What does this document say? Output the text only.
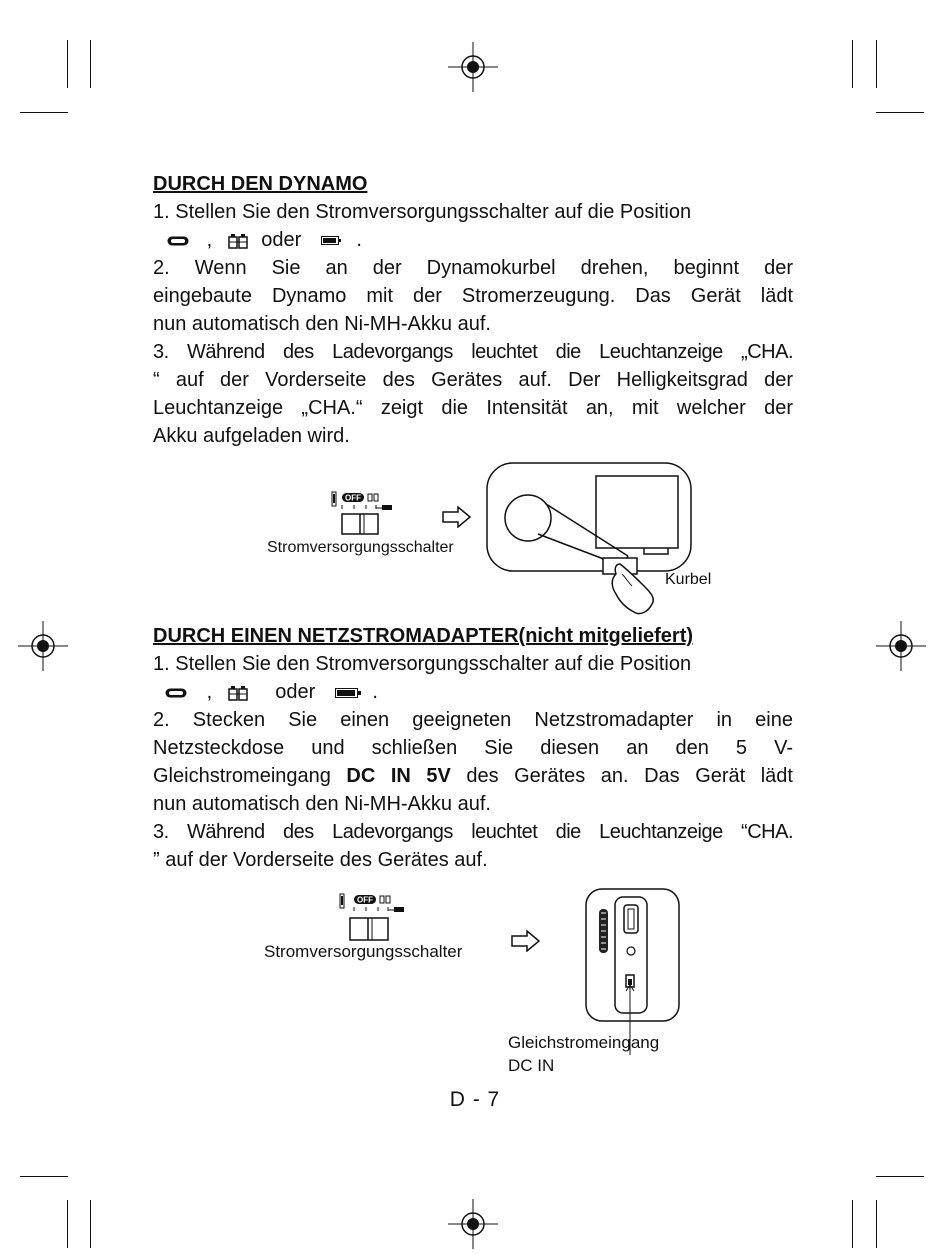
DURCH DEN DYNAMO
1. Stellen Sie den Stromversorgungsschalter auf die Position
, oder	.
2. Wenn Sie an der Dynamokurbel drehen, beginnt der
eingebaute Dynamo mit der Stromerzeugung. Das Gerät lädt
nun automatisch den Ni-MH-Akku auf.
3. Während des Ladevorgangs leuchtet die Leuchtanzeige „CHA.
“ auf der Vorderseite des Gerätes auf. Der Helligkeitsgrad der
Leuchtanzeige „CHA.“ zeigt die Intensität an, mit welcher der
Akku aufgeladen wird.
OFF
Stromversorgungsschalter
Kurbel
DURCH EINEN NETZSTROMADAPTER(nicht mitgeliefert)
1. Stellen Sie den Stromversorgungsschalter auf die Position
,	oder	.
2. Stecken Sie einen geeigneten Netzstromadapter in eine
Netzsteckdose und schließen Sie diesen an den 5 V-
Gleichstromeingang DC IN 5V des Gerätes an. Das Gerät lädt
nun automatisch den Ni-MH-Akku auf.
3. Während des Ladevorgangs leuchtet die Leuchtanzeige “CHA.
” auf der Vorderseite des Gerätes auf.
OFF
Stromversorgungsschalter
Gleichstromeingang
DC IN
D - 7
